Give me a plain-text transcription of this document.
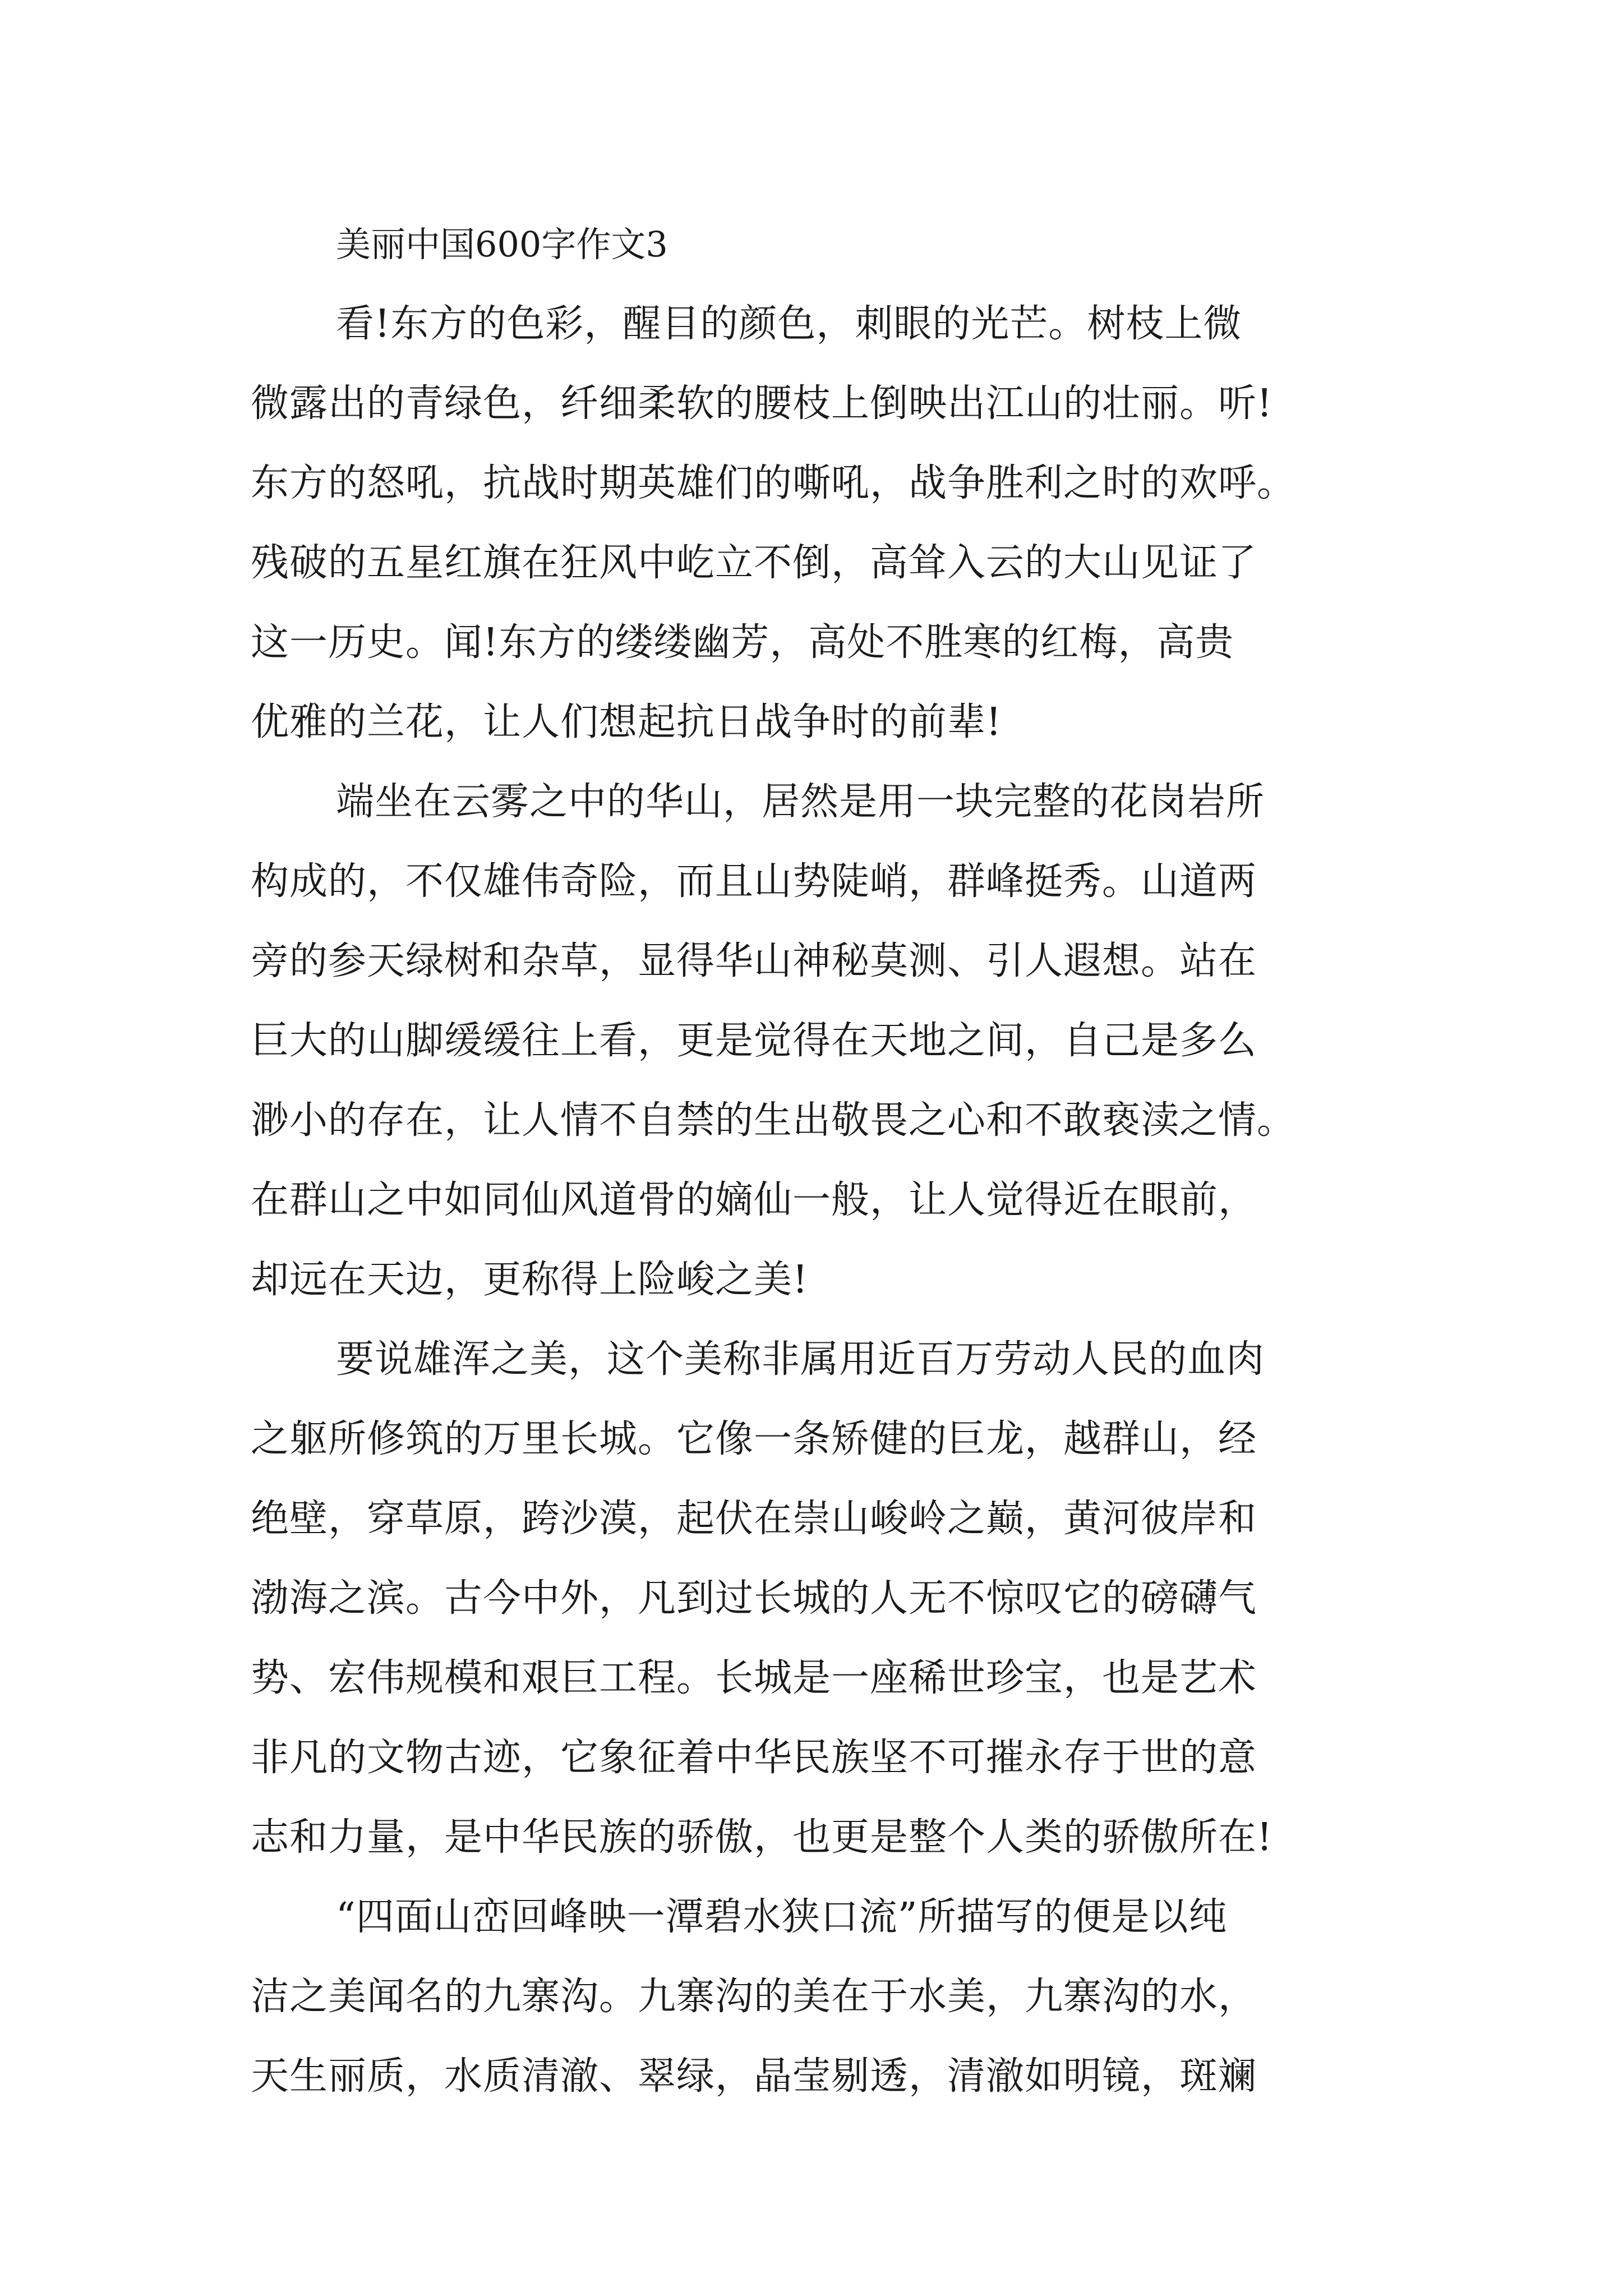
美丽中国600字作文3

看!东方的色彩，醒目的颜色，刺眼的光芒。树枝上微

微露出的青绿色，纤细柔软的腰枝上倒映出江山的壮丽。听!

东方的怒吼，抗战时期英雄们的嘶吼，战争胜利之时的欢呼。

残破的五星红旗在狂风中屹立不倒，高耸入云的大山见证了

这一历史。闻!东方的缕缕幽芳，高处不胜寒的红梅，高贵

优雅的兰花，让人们想起抗日战争时的前辈!

端坐在云雾之中的华山，居然是用一块完整的花岗岩所

构成的，不仅雄伟奇险，而且山势陡峭，群峰挺秀。山道两

旁的参天绿树和杂草，显得华山神秘莫测、引人遐想。站在

巨大的山脚缓缓往上看，更是觉得在天地之间，自己是多么

渺小的存在，让人情不自禁的生出敬畏之心和不敢亵渎之情。

在群山之中如同仙风道骨的嫡仙一般，让人觉得近在眼前，

却远在天边，更称得上险峻之美!

要说雄浑之美，这个美称非属用近百万劳动人民的血肉

之躯所修筑的万里长城。它像一条矫健的巨龙，越群山，经

绝壁，穿草原，跨沙漠，起伏在崇山峻岭之巅，黄河彼岸和

渤海之滨。古今中外，凡到过长城的人无不惊叹它的磅礴气

势、宏伟规模和艰巨工程。长城是一座稀世珍宝，也是艺术

非凡的文物古迹，它象征着中华民族坚不可摧永存于世的意

志和力量，是中华民族的骄傲，也更是整个人类的骄傲所在!

“四面山峦回峰映一潭碧水狭口流”所描写的便是以纯

洁之美闻名的九寨沟。九寨沟的美在于水美，九寨沟的水，

天生丽质，水质清澈、翠绿，晶莹剔透，清澈如明镜，斑斓
